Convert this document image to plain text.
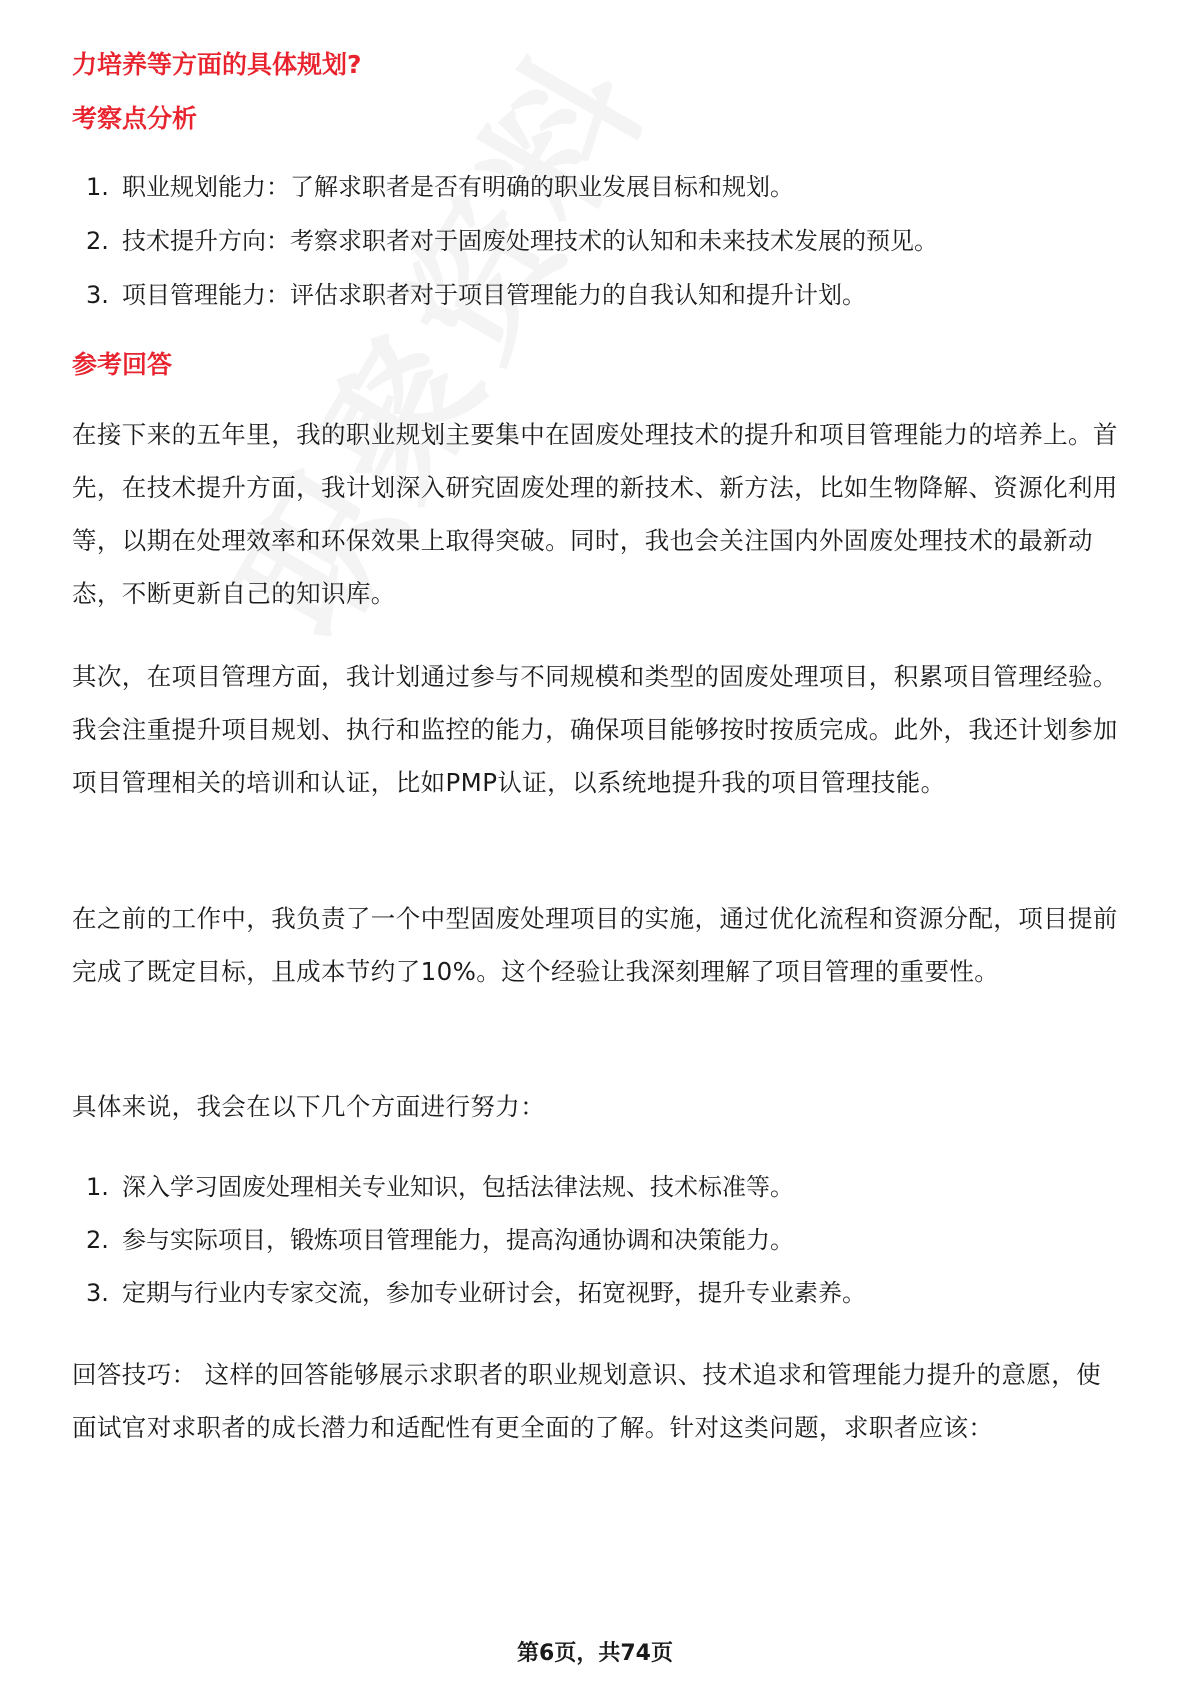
力培养等方面的具体规划?
考察点分析
1. 职业规划能力：了解求职者是否有明确的职业发展目标和规划。
2. 技术提升方向：考察求职者对于固废处理技术的认知和未来技术发展的预见。
3. 项目管理能力：评估求职者对于项目管理能力的自我认知和提升计划。
参考回答
在接下来的五年里，我的职业规划主要集中在固废处理技术的提升和项目管理能力的培养上。首先，在技术提升方面，我计划深入研究固废处理的新技术、新方法，比如生物降解、资源化利用等，以期在处理效率和环保效果上取得突破。同时，我也会关注国内外固废处理技术的最新动态，不断更新自己的知识库。
其次，在项目管理方面，我计划通过参与不同规模和类型的固废处理项目，积累项目管理经验。我会注重提升项目规划、执行和监控的能力，确保项目能够按时按质完成。此外，我还计划参加项目管理相关的培训和认证，比如PMP认证，以系统地提升我的项目管理技能。
在之前的工作中，我负责了一个中型固废处理项目的实施，通过优化流程和资源分配，项目提前完成了既定目标，且成本节约了10%。这个经验让我深刻理解了项目管理的重要性。
具体来说，我会在以下几个方面进行努力：
1. 深入学习固废处理相关专业知识，包括法律法规、技术标准等。
2. 参与实际项目，锻炼项目管理能力，提高沟通协调和决策能力。
3. 定期与行业内专家交流，参加专业研讨会，拓宽视野，提升专业素养。
回答技巧： 这样的回答能够展示求职者的职业规划意识、技术追求和管理能力提升的意愿，使面试官对求职者的成长潜力和适配性有更全面的了解。针对这类问题，求职者应该：
第6页，共74页
